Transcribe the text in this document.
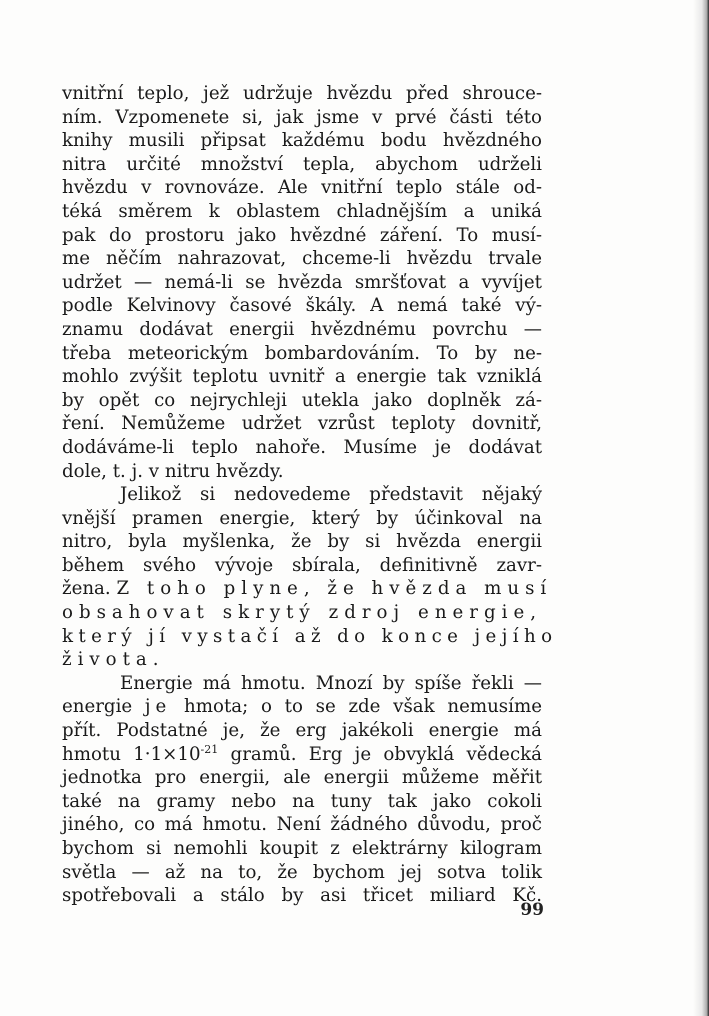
vnitřní teplo, jež udržuje hvězdu před shrouce-
ním. Vzpomenete si, jak jsme v prvé části této
knihy musili připsat každému bodu hvězdného
nitra určité množství tepla, abychom udrželi
hvězdu v rovnováze. Ale vnitřní teplo stále od-
téká směrem k oblastem chladnějším a uniká
pak do prostoru jako hvězdné záření. To musí-
me něčím nahrazovat, chceme-li hvězdu trvale
udržet — nemá-li se hvězda smršťovat a vyvíjet
podle Kelvinovy časové škály. A nemá také vý-
znamu dodávat energii hvězdnému povrchu —
třeba meteorickým bombardováním. To by ne-
mohlo zvýšit teplotu uvnitř a energie tak vzniklá
by opět co nejrychleji utekla jako doplněk zá-
ření. Nemůžeme udržet vzrůst teploty dovnitř,
dodáváme-li teplo nahoře. Musíme je dodávat
dole, t. j. v nitru hvězdy.
Jelikož si nedovedeme představit nějaký
vnější pramen energie, který by účinkoval na
nitro, byla myšlenka, že by si hvězda energii
během svého vývoje sbírala, definitivně zavr-
žena. Z toho plyne, že hvězda musí
obsahovat skrytý zdroj energie,
který jí vystačí až do konce jejího
života.
Energie má hmotu. Mnozí by spíše řekli —
energie je hmota; o to se zde však nemusíme
přít. Podstatné je, že erg jakékoli energie má
hmotu $1\cdot 1\times 10^{-21}$ gramů. Erg je obvyklá vědecká
jednotka pro energii, ale energii můžeme měřit
také na gramy nebo na tuny tak jako cokoli
jiného, co má hmotu. Není žádného důvodu, proč
bychom si nemohli koupit z elektrárny kilogram
světla — až na to, že bychom jej sotva tolik
spotřebovali a stálo by asi třicet miliard Kč.
99
